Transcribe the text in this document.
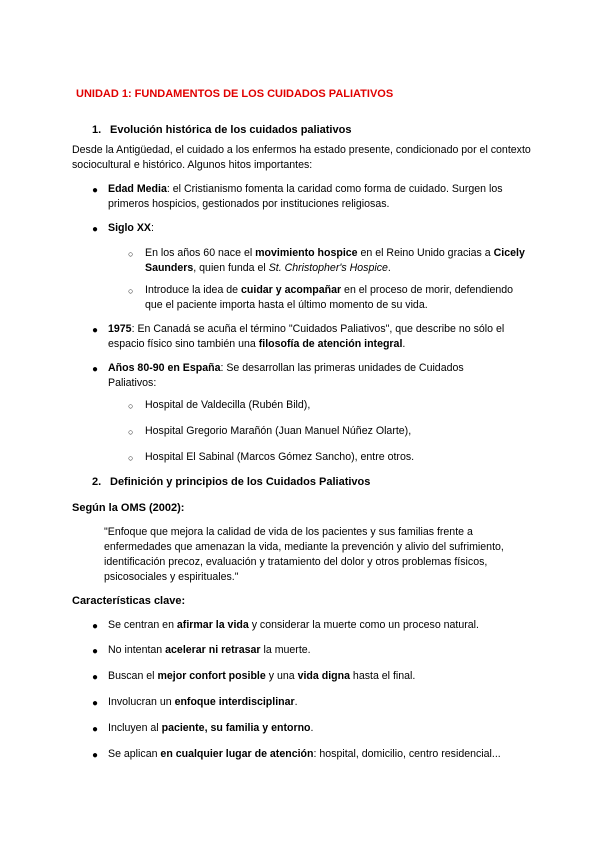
UNIDAD 1: FUNDAMENTOS DE LOS CUIDADOS PALIATIVOS
1. Evolución histórica de los cuidados paliativos
Desde la Antigüedad, el cuidado a los enfermos ha estado presente, condicionado por el contexto sociocultural e histórico. Algunos hitos importantes:
● Edad Media: el Cristianismo fomenta la caridad como forma de cuidado. Surgen los primeros hospicios, gestionados por instituciones religiosas.
● Siglo XX:
○ En los años 60 nace el movimiento hospice en el Reino Unido gracias a Cicely Saunders, quien funda el St. Christopher's Hospice.
○ Introduce la idea de cuidar y acompañar en el proceso de morir, defendiendo que el paciente importa hasta el último momento de su vida.
● 1975: En Canadá se acuña el término "Cuidados Paliativos", que describe no sólo el espacio físico sino también una filosofía de atención integral.
● Años 80-90 en España: Se desarrollan las primeras unidades de Cuidados Paliativos:
○ Hospital de Valdecilla (Rubén Bild),
○ Hospital Gregorio Marañón (Juan Manuel Núñez Olarte),
○ Hospital El Sabinal (Marcos Gómez Sancho), entre otros.
2. Definición y principios de los Cuidados Paliativos
Según la OMS (2002):
"Enfoque que mejora la calidad de vida de los pacientes y sus familias frente a enfermedades que amenazan la vida, mediante la prevención y alivio del sufrimiento, identificación precoz, evaluación y tratamiento del dolor y otros problemas físicos, psicosociales y espirituales."
Características clave:
● Se centran en afirmar la vida y considerar la muerte como un proceso natural.
● No intentan acelerar ni retrasar la muerte.
● Buscan el mejor confort posible y una vida digna hasta el final.
● Involucran un enfoque interdisciplinar.
● Incluyen al paciente, su familia y entorno.
● Se aplican en cualquier lugar de atención: hospital, domicilio, centro residencial...
